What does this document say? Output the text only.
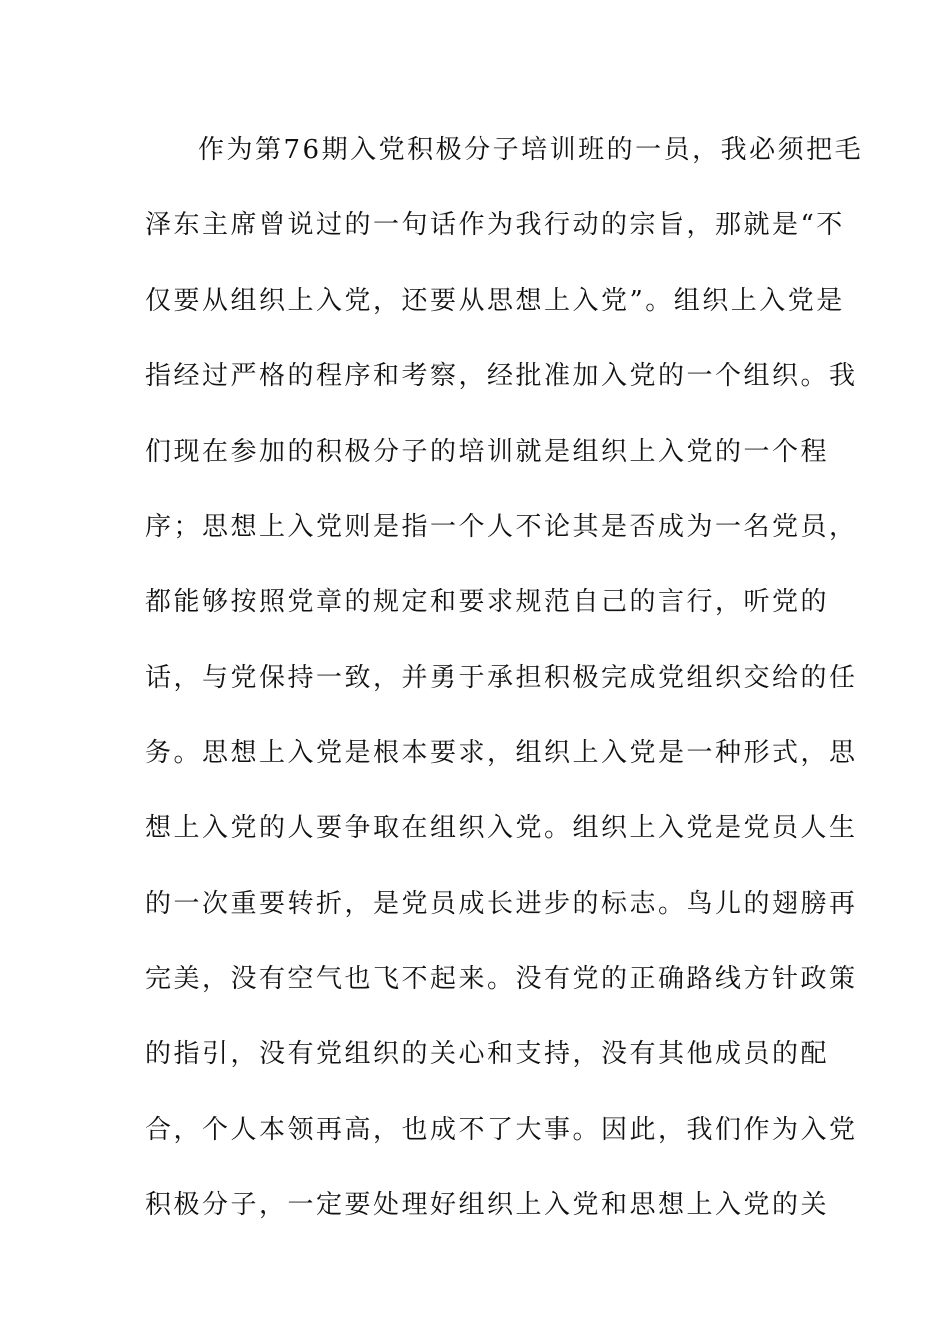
作为第76期入党积极分子培训班的一员，我必须把毛
泽东主席曾说过的一句话作为我行动的宗旨，那就是“不
仅要从组织上入党，还要从思想上入党”。组织上入党是
指经过严格的程序和考察，经批准加入党的一个组织。我
们现在参加的积极分子的培训就是组织上入党的一个程
序；思想上入党则是指一个人不论其是否成为一名党员，
都能够按照党章的规定和要求规范自己的言行，听党的
话，与党保持一致，并勇于承担积极完成党组织交给的任
务。思想上入党是根本要求，组织上入党是一种形式，思
想上入党的人要争取在组织入党。组织上入党是党员人生
的一次重要转折，是党员成长进步的标志。鸟儿的翅膀再
完美，没有空气也飞不起来。没有党的正确路线方针政策
的指引，没有党组织的关心和支持，没有其他成员的配
合，个人本领再高，也成不了大事。因此，我们作为入党
积极分子，一定要处理好组织上入党和思想上入党的关
